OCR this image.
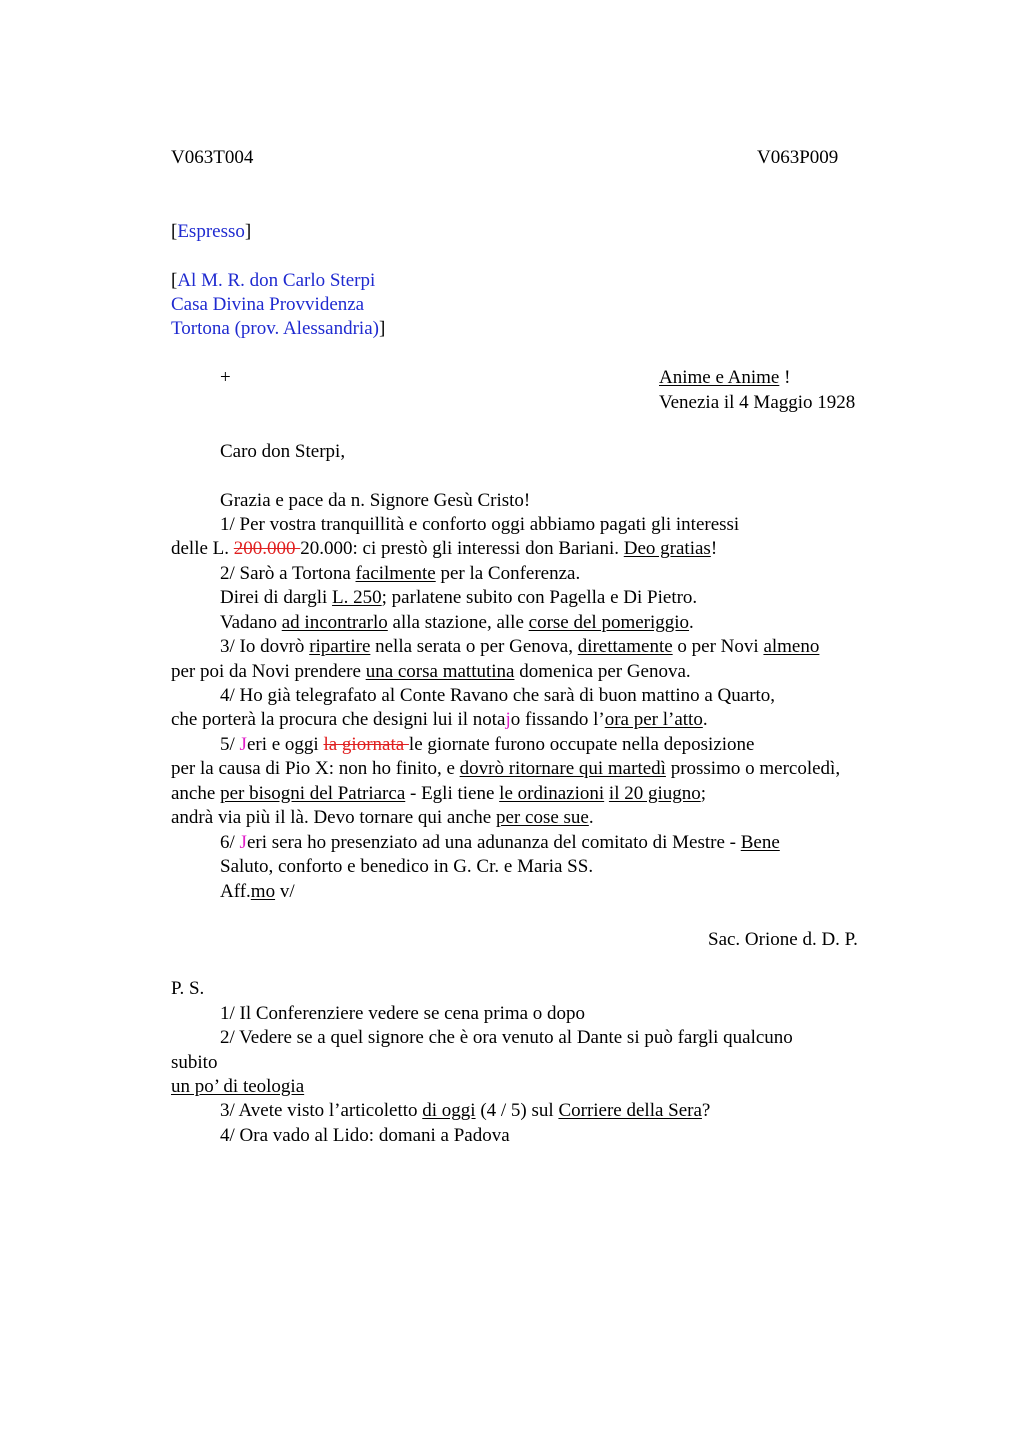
V063T004	V063P009
[Espresso]
[Al M. R. don Carlo Sterpi
Casa Divina Provvidenza
Tortona (prov. Alessandria)]
+	Anime e Anime !
Venezia il 4 Maggio 1928
Caro don Sterpi,
Grazia e pace da n. Signore Gesù Cristo!
1/ Per vostra tranquillità e conforto oggi abbiamo pagati gli interessi
delle L. 200.000 20.000: ci prestò gli interessi don Bariani. Deo gratias!
2/ Sarò a Tortona facilmente per la Conferenza.
Direi di dargli L. 250; parlatene subito con Pagella e Di Pietro.
Vadano ad incontrarlo alla stazione, alle corse del pomeriggio.
3/ Io dovrò ripartire nella serata o per Genova, direttamente o per Novi almeno
per poi da Novi prendere una corsa mattutina domenica per Genova.
4/ Ho già telegrafato al Conte Ravano che sarà di buon mattino a Quarto,
che porterà la procura che designi lui il notajo fissando l’ora per l’atto.
5/ Jeri e oggi la giornata le giornate furono occupate nella deposizione
per la causa di Pio X: non ho finito, e dovrò ritornare qui martedì prossimo o mercoledì,
anche per bisogni del Patriarca - Egli tiene le ordinazioni il 20 giugno;
andrà via più il là. Devo tornare qui anche per cose sue.
6/ Jeri sera ho presenziato ad una adunanza del comitato di Mestre - Bene
Saluto, conforto e benedico in G. Cr. e Maria SS.
Aff.mo v/
Sac. Orione d. D. P.
P. S.
1/ Il Conferenziere vedere se cena prima o dopo
2/ Vedere se a quel signore che è ora venuto al Dante si può fargli qualcuno
subito
un po’ di teologia
3/ Avete visto l’articoletto di oggi (4 / 5) sul Corriere della Sera?
4/ Ora vado al Lido: domani a Padova
